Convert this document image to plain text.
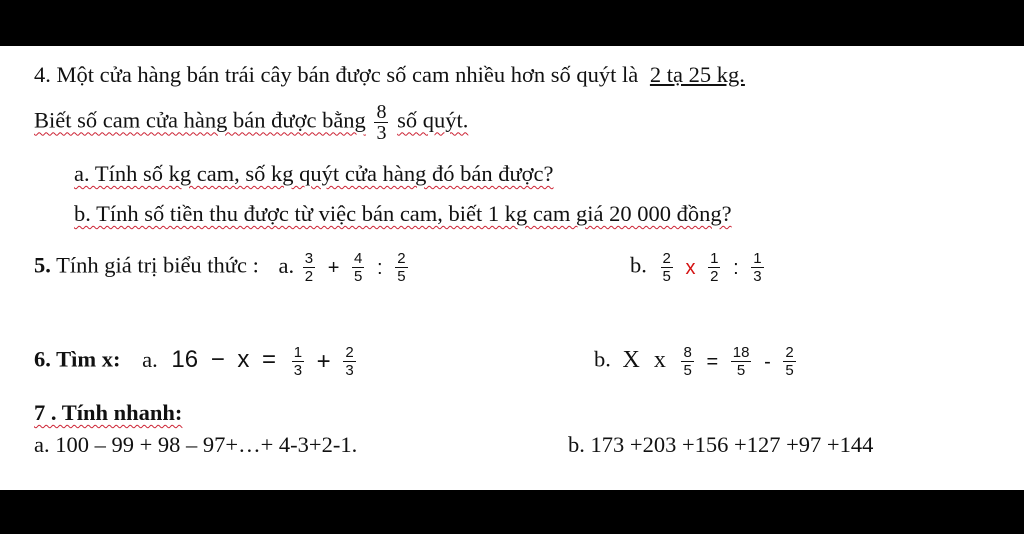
4. Một cửa hàng bán trái cây bán được số cam nhiều hơn số quýt là 2 tạ 25 kg.
Biết số cam cửa hàng bán được bằng $\frac{8}{3}$ số quýt.
a. Tính số kg cam, số kg quýt cửa hàng đó bán được?
b. Tính số tiền thu được từ việc bán cam, biết 1 kg cam giá 20 000 đồng?
5. Tính giá trị biểu thức : a. $\frac{3}{2} + \frac{4}{5}$ : $\frac{2}{5}$	b. $\frac{2}{5}$ x $\frac{1}{2}$ : $\frac{1}{3}$
6. Tìm x: a. $16 - x = \frac{1}{3} + \frac{2}{3}$	b. X x $\frac{8}{5} = \frac{18}{5} - \frac{2}{5}$
7 . Tính nhanh:
a. 100 – 99 + 98 – 97+…+ 4-3+2-1.	b. 173 +203 +156 +127 +97 +144
